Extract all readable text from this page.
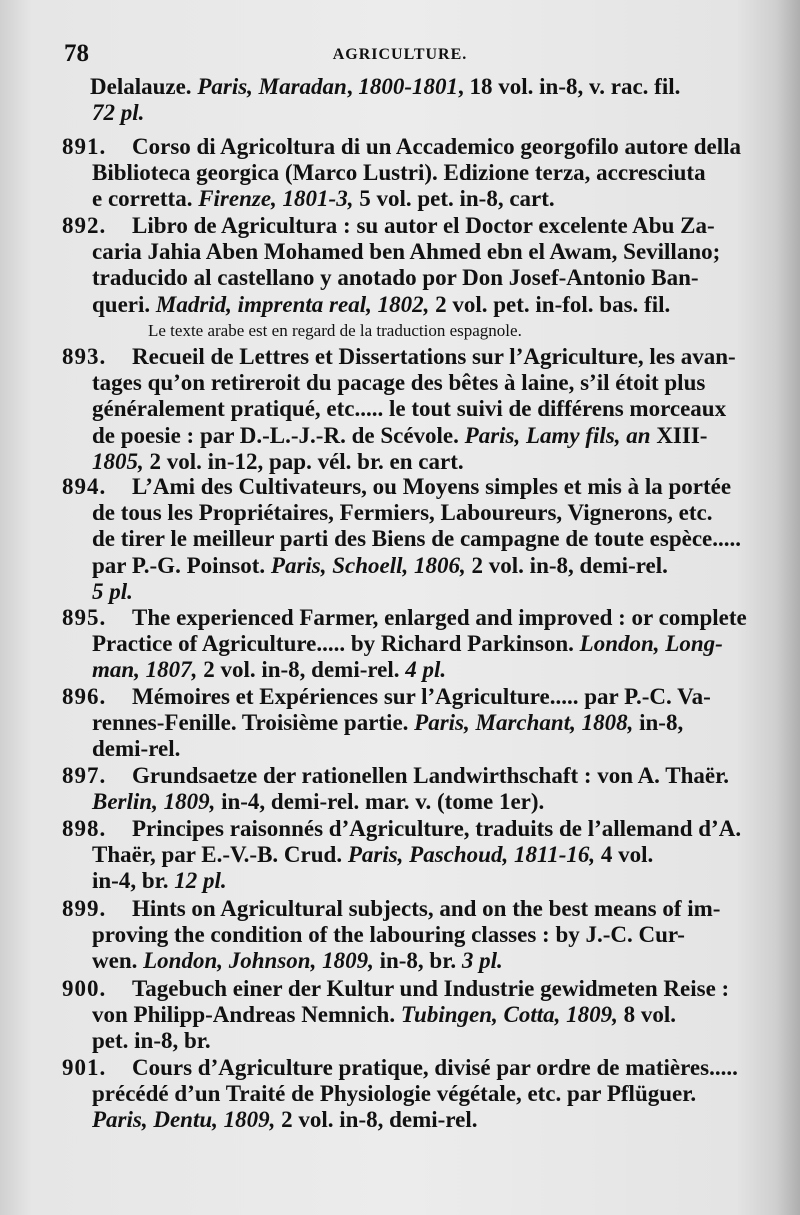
78	AGRICULTURE.
Delalauze. Paris, Maradan, 1800-1801, 18 vol. in-8, v. rac. fil.
72 pl.
891. Corso di Agricoltura di un Accademico georgofilo autore della
Biblioteca georgica (Marco Lustri). Edizione terza, accresciuta
e corretta. Firenze, 1801-3, 5 vol. pet. in-8, cart.
892. Libro de Agricultura : su autor el Doctor excelente Abu Za-
caria Jahia Aben Mohamed ben Ahmed ebn el Awam, Sevillano;
traducido al castellano y anotado por Don Josef-Antonio Ban-
queri. Madrid, imprenta real, 1802, 2 vol. pet. in-fol. bas. fil.
Le texte arabe est en regard de la traduction espagnole.
893. Recueil de Lettres et Dissertations sur l’Agriculture, les avan-
tages qu’on retireroit du pacage des bêtes à laine, s’il étoit plus
généralement pratiqué, etc..... le tout suivi de différens morceaux
de poesie : par D.-L.-J.-R. de Scévole. Paris, Lamy fils, an XIII-
1805, 2 vol. in-12, pap. vél. br. en cart.
894. L’Ami des Cultivateurs, ou Moyens simples et mis à la portée
de tous les Propriétaires, Fermiers, Laboureurs, Vignerons, etc.
de tirer le meilleur parti des Biens de campagne de toute espèce.....
par P.-G. Poinsot. Paris, Schoell, 1806, 2 vol. in-8, demi-rel.
5 pl.
895. The experienced Farmer, enlarged and improved : or complete
Practice of Agriculture..... by Richard Parkinson. London, Long-
man, 1807, 2 vol. in-8, demi-rel. 4 pl.
896. Mémoires et Expériences sur l’Agriculture..... par P.-C. Va-
rennes-Fenille. Troisième partie. Paris, Marchant, 1808, in-8,
demi-rel.
897. Grundsaetze der rationellen Landwirthschaft : von A. Thaër.
Berlin, 1809, in-4, demi-rel. mar. v. (tome 1er).
898. Principes raisonnés d’Agriculture, traduits de l’allemand d’A.
Thaër, par E.-V.-B. Crud. Paris, Paschoud, 1811-16, 4 vol.
in-4, br. 12 pl.
899. Hints on Agricultural subjects, and on the best means of im-
proving the condition of the labouring classes : by J.-C. Cur-
wen. London, Johnson, 1809, in-8, br. 3 pl.
900. Tagebuch einer der Kultur und Industrie gewidmeten Reise :
von Philipp-Andreas Nemnich. Tubingen, Cotta, 1809, 8 vol.
pet. in-8, br.
901. Cours d’Agriculture pratique, divisé par ordre de matières.....
précédé d’un Traité de Physiologie végétale, etc. par Pflüguer.
Paris, Dentu, 1809, 2 vol. in-8, demi-rel.
